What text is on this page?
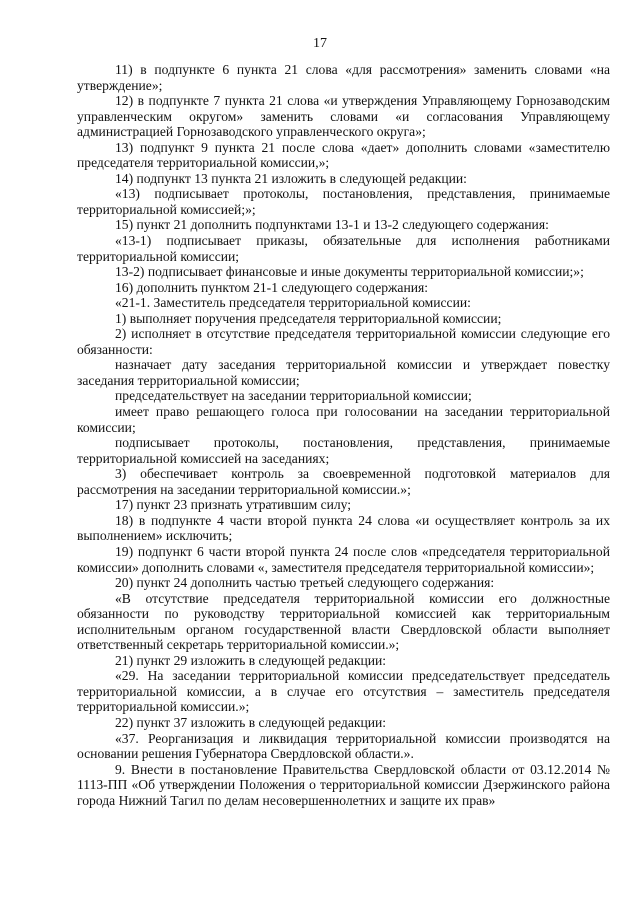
17

11) в подпункте 6 пункта 21 слова «для рассмотрения» заменить словами «на утверждение»;

12) в подпункте 7 пункта 21 слова «и утверждения Управляющему Горнозаводским управленческим округом» заменить словами «и согласования Управляющему администрацией Горнозаводского управленческого округа»;

13) подпункт 9 пункта 21 после слова «дает» дополнить словами «заместителю председателя территориальной комиссии,»;

14) подпункт 13 пункта 21 изложить в следующей редакции:

«13) подписывает протоколы, постановления, представления, принимаемые территориальной комиссией;»;

15) пункт 21 дополнить подпунктами 13-1 и 13-2 следующего содержания:

«13-1) подписывает приказы, обязательные для исполнения работниками территориальной комиссии;

13-2) подписывает финансовые и иные документы территориальной комиссии;»;

16) дополнить пунктом 21-1 следующего содержания:

«21-1. Заместитель председателя территориальной комиссии:

1) выполняет поручения председателя территориальной комиссии;

2) исполняет в отсутствие председателя территориальной комиссии следующие его обязанности:

назначает дату заседания территориальной комиссии и утверждает повестку заседания территориальной комиссии;

председательствует на заседании территориальной комиссии;

имеет право решающего голоса при голосовании на заседании территориальной комиссии;

подписывает протоколы, постановления, представления, принимаемые территориальной комиссией на заседаниях;

3) обеспечивает контроль за своевременной подготовкой материалов для рассмотрения на заседании территориальной комиссии.»;

17) пункт 23 признать утратившим силу;

18) в подпункте 4 части второй пункта 24 слова «и осуществляет контроль за их выполнением» исключить;

19) подпункт 6 части второй пункта 24 после слов «председателя территориальной комиссии» дополнить словами «, заместителя председателя территориальной комиссии»;

20) пункт 24 дополнить частью третьей следующего содержания:

«В отсутствие председателя территориальной комиссии его должностные обязанности по руководству территориальной комиссией как территориальным исполнительным органом государственной власти Свердловской области выполняет ответственный секретарь территориальной комиссии.»;

21) пункт 29 изложить в следующей редакции:

«29. На заседании территориальной комиссии председательствует председатель территориальной комиссии, а в случае его отсутствия – заместитель председателя территориальной комиссии.»;

22) пункт 37 изложить в следующей редакции:

«37. Реорганизация и ликвидация территориальной комиссии производятся на основании решения Губернатора Свердловской области.».

9. Внести в постановление Правительства Свердловской области от 03.12.2014 № 1113-ПП «Об утверждении Положения о территориальной комиссии Дзержинского района города Нижний Тагил по делам несовершеннолетних и защите их прав»
